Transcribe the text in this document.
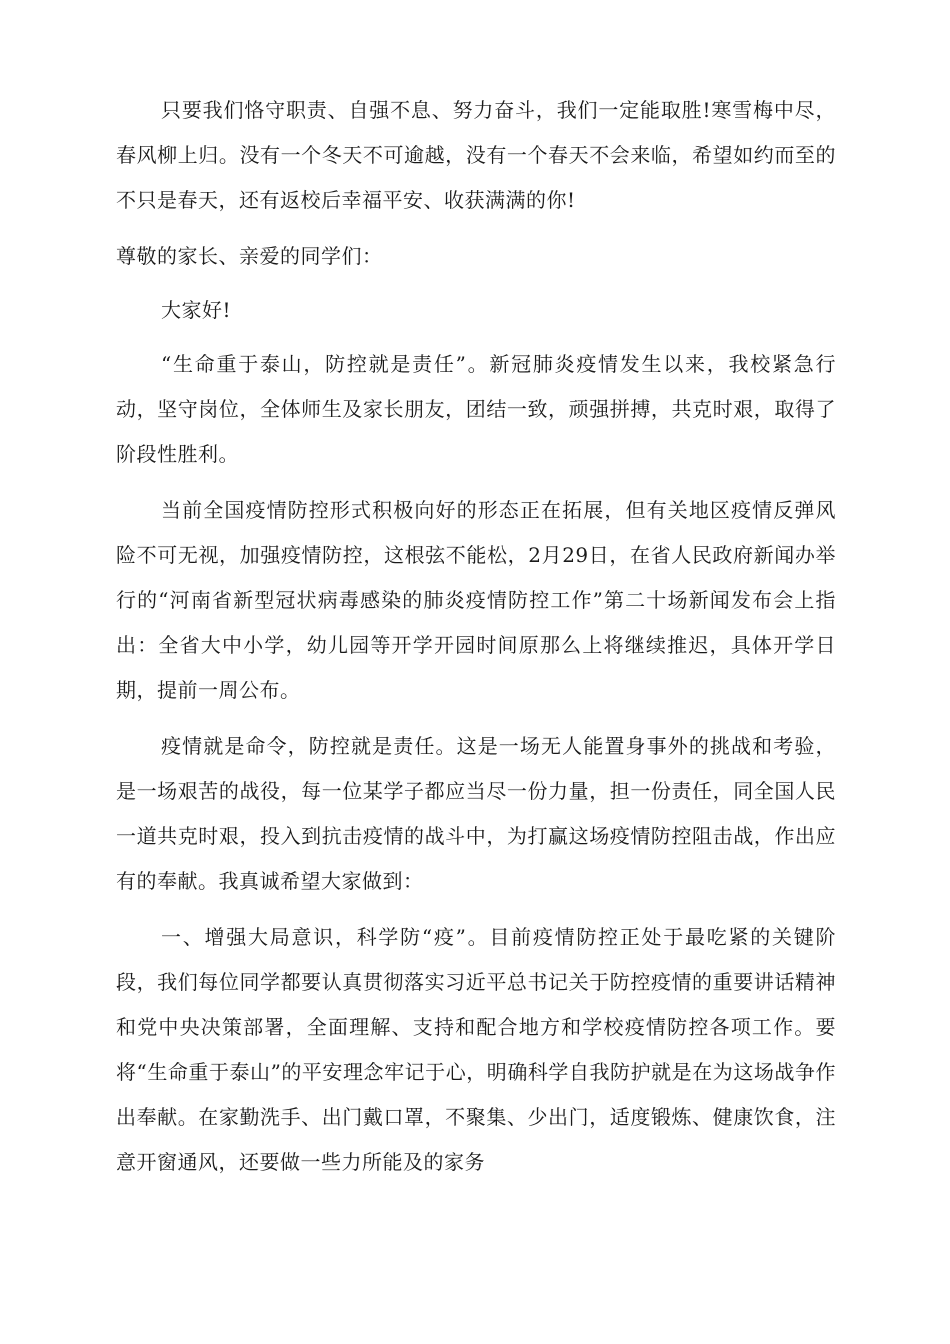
只要我们恪守职责、自强不息、努力奋斗，我们一定能取胜!寒雪梅中尽，春风柳上归。没有一个冬天不可逾越，没有一个春天不会来临，希望如约而至的不只是春天，还有返校后幸福平安、收获满满的你!

尊敬的家长、亲爱的同学们：

大家好!

“生命重于泰山，防控就是责任”。新冠肺炎疫情发生以来，我校紧急行动，坚守岗位，全体师生及家长朋友，团结一致，顽强拼搏，共克时艰，取得了阶段性胜利。

当前全国疫情防控形式积极向好的形态正在拓展，但有关地区疫情反弹风险不可无视，加强疫情防控，这根弦不能松，2月29日，在省人民政府新闻办举行的“河南省新型冠状病毒感染的肺炎疫情防控工作”第二十场新闻发布会上指出：全省大中小学，幼儿园等开学开园时间原那么上将继续推迟，具体开学日期，提前一周公布。

疫情就是命令，防控就是责任。这是一场无人能置身事外的挑战和考验，是一场艰苦的战役，每一位某学子都应当尽一份力量，担一份责任，同全国人民一道共克时艰，投入到抗击疫情的战斗中，为打赢这场疫情防控阻击战，作出应有的奉献。我真诚希望大家做到：

一、增强大局意识，科学防“疫”。目前疫情防控正处于最吃紧的关键阶段，我们每位同学都要认真贯彻落实习近平总书记关于防控疫情的重要讲话精神和党中央决策部署，全面理解、支持和配合地方和学校疫情防控各项工作。要将“生命重于泰山”的平安理念牢记于心，明确科学自我防护就是在为这场战争作出奉献。在家勤洗手、出门戴口罩，不聚集、少出门，适度锻炼、健康饮食，注意开窗通风，还要做一些力所能及的家务
